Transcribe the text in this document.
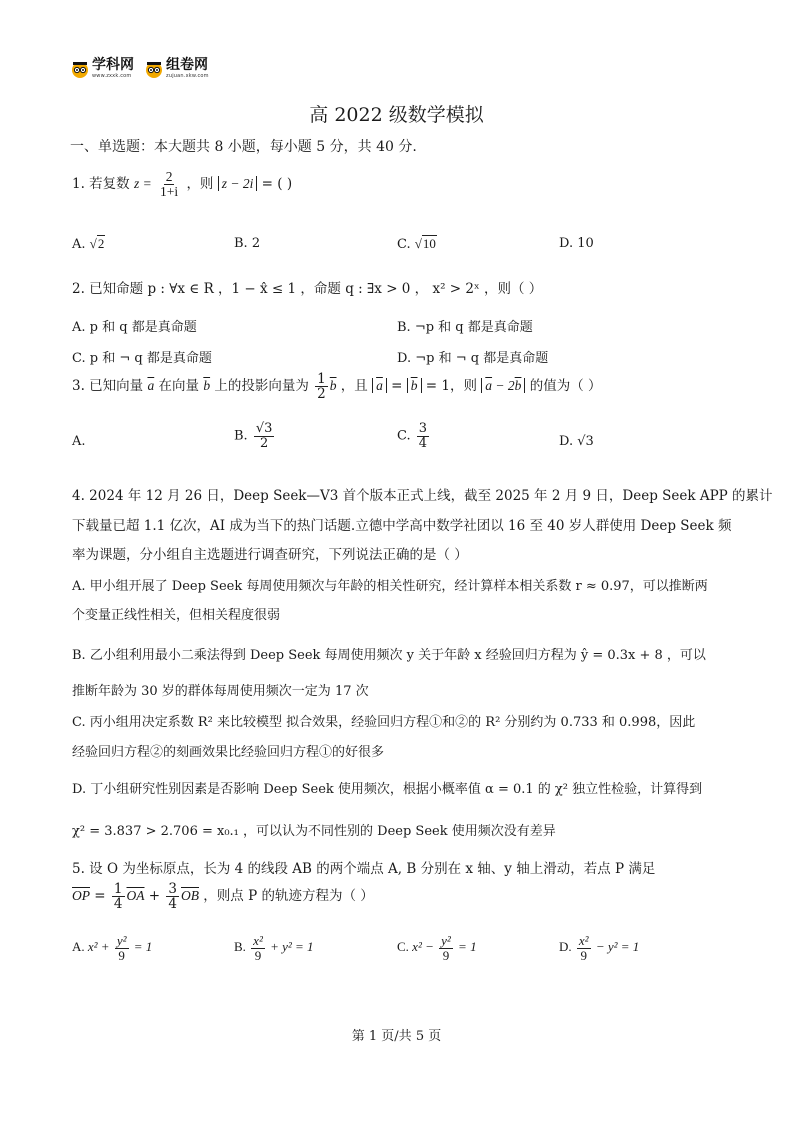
学科网
www.zxxk.com
组卷网
zujuan.xkw.com
高 2022 级数学模拟
一、单选题：本大题共 8 小题，每小题 5 分，共 40 分.
1. 若复数 $z = \frac{2}{1+i}$ ，则 z − 2i = ( )
A. √2	B. 2	C. √10	D. 10
2. 已知命题 p : ∀x ∈ R ，1 − x̂ ≤ 1 ，命题 q : ∃x > 0 ， x² > 2ˣ ，则（ ）
A. p 和 q 都是真命题	B. ¬p 和 q 都是真命题
C. p 和 ¬ q 都是真命题	D. ¬p 和 ¬ q 都是真命题
3. 已知向量 $\overline{a}$ 在向量 $\overline{b}$ 上的投影向量为 $\frac{1}{2} \overline{b}$ ，且 $\overline{a} = \overline{b} = 1$，则 $\overline{a} - 2\overline{b}$ 的值为（ ）
A.	B. $\frac{√3}{2}$	C. $\frac{3}{4}$	D. √3
4. 2024 年 12 月 26 日，Deep Seek—V3 首个版本正式上线，截至 2025 年 2 月 9 日，Deep Seek APP 的累计
下载量已超 1.1 亿次，AI 成为当下的热门话题.立德中学高中数学社团以 16 至 40 岁人群使用 Deep Seek 频
率为课题，分小组自主选题进行调查研究，下列说法正确的是（ ）
A. 甲小组开展了 Deep Seek 每周使用频次与年龄的相关性研究，经计算样本相关系数 r ≈ 0.97，可以推断两
个变量正线性相关，但相关程度很弱
B. 乙小组利用最小二乘法得到 Deep Seek 每周使用频次 y 关于年龄 x 经验回归方程为 ŷ = 0.3x + 8 ，可以
推断年龄为 30 岁的群体每周使用频次一定为 17 次
C. 丙小组用决定系数 R² 来比较模型 拟合效果，经验回归方程①和②的 R² 分别约为 0.733 和 0.998，因此
经验回归方程②的刻画效果比经验回归方程①的好很多
D. 丁小组研究性别因素是否影响 Deep Seek 使用频次，根据小概率值 α = 0.1 的 χ² 独立性检验，计算得到
χ² = 3.837 > 2.706 = x₀.₁ ，可以认为不同性别的 Deep Seek 使用频次没有差异
5. 设 O 为坐标原点，长为 4 的线段 AB 的两个端点 A, B 分别在 x 轴、y 轴上滑动，若点 P 满足
$\overline{OP} = \frac{1}{4} \overline{OA} + \frac{3}{4} \overline{OB}$ ，则点 P 的轨迹方程为（ ）
A. $x^2 + \frac{\text{y²}}{9} = 1$	B. $\frac{\text{x²}}{9} + y^2 = 1$	C. $x^2 - \frac{\text{y²}}{9} = 1$	D. $\frac{\text{x²}}{9} - y^2 = 1$
第 1 页/共 5 页
